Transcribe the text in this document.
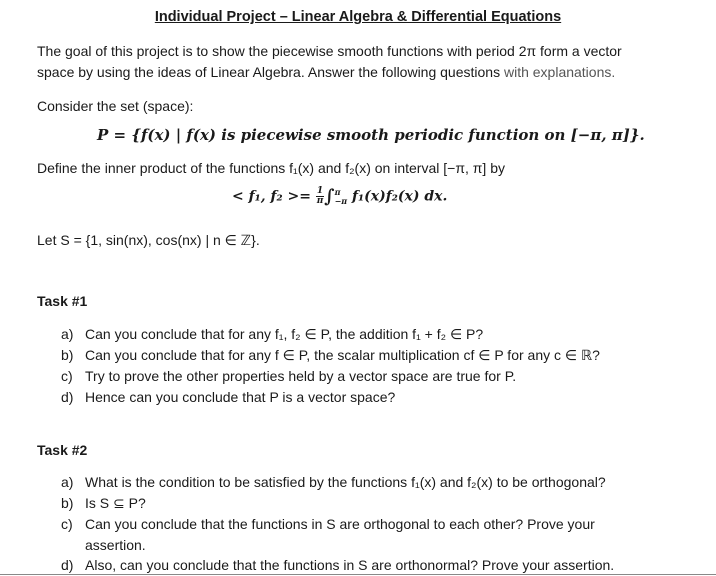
Individual Project – Linear Algebra & Differential Equations
The goal of this project is to show the piecewise smooth functions with period 2π form a vector
space by using the ideas of Linear Algebra. Answer the following questions with explanations.
Consider the set (space):
P = {f(x) | f(x) is piecewise smooth periodic function on [−π, π]}.
Define the inner product of the functions f₁(x) and f₂(x) on interval [−π, π] by
< f₁, $f_2 >= \frac{1}{\pi}$ ∫ π
−π f₁(x)f₂(x) dx.
Let S = {1, sin(nx), cos(nx) | n ∈ ℤ}.
Task #1
a) Can you conclude that for any f₁, f₂ ∈ P, the addition f₁ + f₂ ∈ P?
b) Can you conclude that for any f ∈ P, the scalar multiplication cf ∈ P for any c ∈ ℝ?
c) Try to prove the other properties held by a vector space are true for P.
d) Hence can you conclude that P is a vector space?
Task #2
a) What is the condition to be satisfied by the functions f₁(x) and f₂(x) to be orthogonal?
b) Is S ⊆ P?
c) Can you conclude that the functions in S are orthogonal to each other? Prove your
assertion.
d) Also, can you conclude that the functions in S are orthonormal? Prove your assertion.
